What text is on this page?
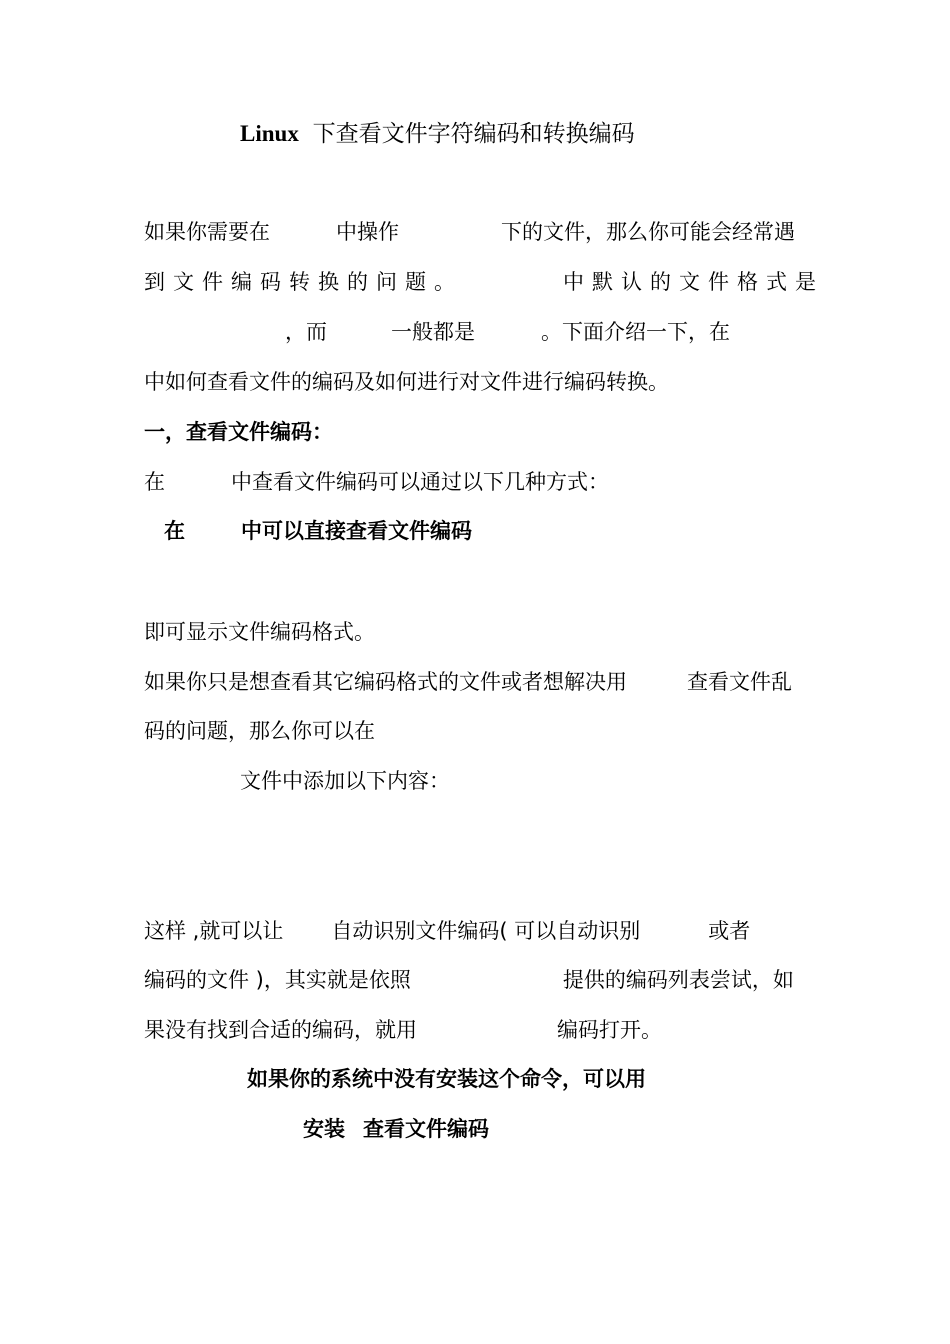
Linux 下查看文件字符编码和转换编码
如果你需要在	中操作	下的文件，那么你可能会经常遇
到文件编码转换的问题。	中默认的文件格式是
，而	一般都是	。下面介绍一下，在
中如何查看文件的编码及如何进行对文件进行编码转换。
一，查看文件编码：
在	中查看文件编码可以通过以下几种方式：
在	中可以直接查看文件编码
即可显示文件编码格式。
如果你只是想查看其它编码格式的文件或者想解决用	查看文件乱
码的问题，那么你可以在
文件中添加以下内容：
这样 ,就可以让 自动识别文件编码( 可以自动识别	或者
编码的文件 )，其实就是依照	提供的编码列表尝试，如
果没有找到合适的编码，就用	编码打开。
如果你的系统中没有安装这个命令，可以用
安装 查看文件编码
